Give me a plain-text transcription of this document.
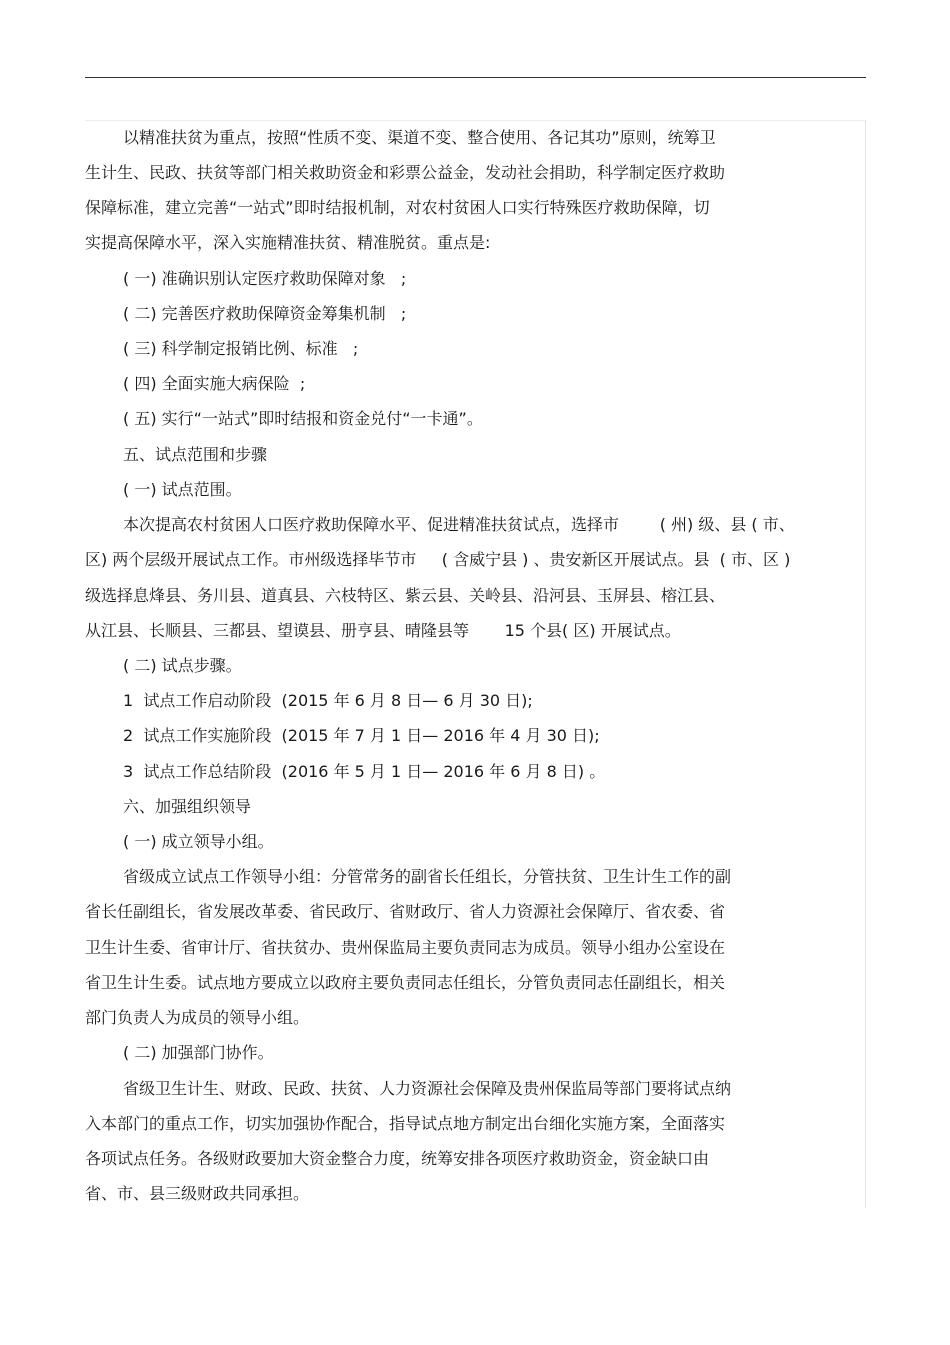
以精准扶贫为重点，按照“性质不变、渠道不变、整合使用、各记其功”原则，统筹卫
生计生、民政、扶贫等部门相关救助资金和彩票公益金，发动社会捐助，科学制定医疗救助
保障标准，建立完善“一站式”即时结报机制，对农村贫困人口实行特殊医疗救助保障，切
实提高保障水平，深入实施精准扶贫、精准脱贫。重点是:
( 一) 准确识别认定医疗救助保障对象   ;
( 二) 完善医疗救助保障资金筹集机制   ;
( 三) 科学制定报销比例、标准   ;
( 四) 全面实施大病保险  ;
( 五) 实行“一站式”即时结报和资金兑付“一卡通”。
五、试点范围和步骤
( 一) 试点范围。
本次提高农村贫困人口医疗救助保障水平、促进精准扶贫试点，选择市        ( 州) 级、县 ( 市、
区) 两个层级开展试点工作。市州级选择毕节市     ( 含威宁县 ) 、贵安新区开展试点。县  ( 市、区 )
级选择息烽县、务川县、道真县、六枝特区、紫云县、关岭县、沿河县、玉屏县、榕江县、
从江县、长顺县、三都县、望谟县、册亨县、晴隆县等       15 个县( 区) 开展试点。
( 二) 试点步骤。
1  试点工作启动阶段  (2015 年 6 月 8 日— 6 月 30 日);
2  试点工作实施阶段  (2015 年 7 月 1 日— 2016 年 4 月 30 日);
3  试点工作总结阶段  (2016 年 5 月 1 日— 2016 年 6 月 8 日) 。
六、加强组织领导
( 一) 成立领导小组。
省级成立试点工作领导小组：分管常务的副省长任组长，分管扶贫、卫生计生工作的副
省长任副组长，省发展改革委、省民政厅、省财政厅、省人力资源社会保障厅、省农委、省
卫生计生委、省审计厅、省扶贫办、贵州保监局主要负责同志为成员。领导小组办公室设在
省卫生计生委。试点地方要成立以政府主要负责同志任组长，分管负责同志任副组长，相关
部门负责人为成员的领导小组。
( 二) 加强部门协作。
省级卫生计生、财政、民政、扶贫、人力资源社会保障及贵州保监局等部门要将试点纳
入本部门的重点工作，切实加强协作配合，指导试点地方制定出台细化实施方案，全面落实
各项试点任务。各级财政要加大资金整合力度，统筹安排各项医疗救助资金，资金缺口由
省、市、县三级财政共同承担。
